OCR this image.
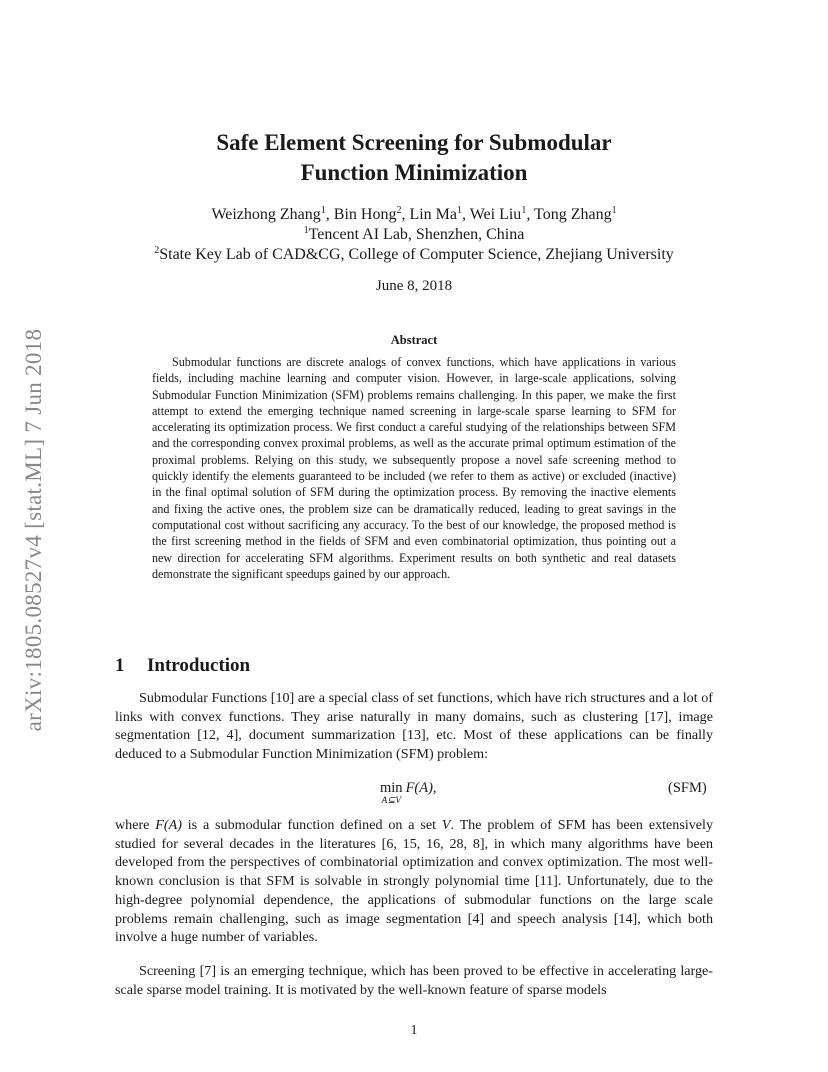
arXiv:1805.08527v4 [stat.ML] 7 Jun 2018
Safe Element Screening for Submodular
Function Minimization
Weizhong Zhang$^1$, Bin Hong$^2$, Lin Ma$^1$, Wei Liu$^1$, Tong Zhang$^1$
$^1$Tencent AI Lab, Shenzhen, China
$^2$State Key Lab of CAD&CG, College of Computer Science, Zhejiang University
June 8, 2018
Abstract
Submodular functions are discrete analogs of convex functions, which have applications in various fields, including machine learning and computer vision. However, in large-scale applications, solving Submodular Function Minimization (SFM) problems remains challenging. In this paper, we make the first attempt to extend the emerging technique named screening in large-scale sparse learning to SFM for accelerating its optimization process. We first conduct a careful studying of the relationships between SFM and the corresponding convex proximal problems, as well as the accurate primal optimum estimation of the proximal problems. Relying on this study, we subsequently propose a novel safe screening method to quickly identify the elements guaranteed to be included (we refer to them as active) or excluded (inactive) in the final optimal solution of SFM during the optimization process. By removing the inactive elements and fixing the active ones, the problem size can be dramatically reduced, leading to great savings in the computational cost without sacrificing any accuracy. To the best of our knowledge, the proposed method is the first screening method in the fields of SFM and even combinatorial optimization, thus pointing out a new direction for accelerating SFM algorithms. Experiment results on both synthetic and real datasets demonstrate the significant speedups gained by our approach.
1 Introduction
Submodular Functions [10] are a special class of set functions, which have rich structures and a lot of links with convex functions. They arise naturally in many domains, such as clustering [17], image segmentation [12, 4], document summarization [13], etc. Most of these applications can be finally deduced to a Submodular Function Minimization (SFM) problem:
min
A⊆V
F(A),	(SFM)
where F(A) is a submodular function defined on a set V. The problem of SFM has been extensively studied for several decades in the literatures [6, 15, 16, 28, 8], in which many algorithms have been developed from the perspectives of combinatorial optimization and convex optimization. The most well-known conclusion is that SFM is solvable in strongly polynomial time [11]. Unfortunately, due to the high-degree polynomial dependence, the applications of submodular functions on the large scale problems remain challenging, such as image segmentation [4] and speech analysis [14], which both involve a huge number of variables.
Screening [7] is an emerging technique, which has been proved to be effective in accelerating large-scale sparse model training. It is motivated by the well-known feature of sparse models
1
